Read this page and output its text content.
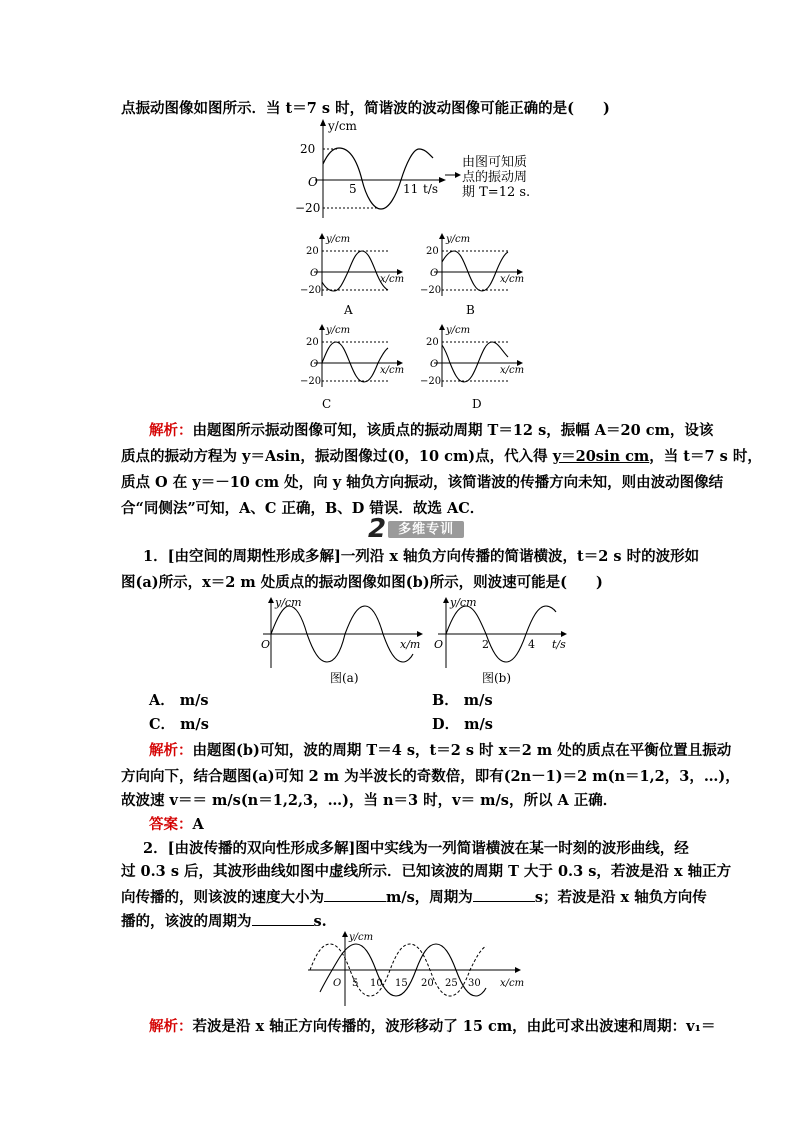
点振动图像如图所示．当 t＝7 s 时，简谐波的波动图像可能正确的是(　　)
y/cm
t/s
O
20
−20
5	11
由图可知质
点的振动周
期 T=12 s.
y/cm
x/cm
O
20
−20
A
y/cm
x/cm
O
20
−20
B
y/cm
x/cm
O
20
−20
C
y/cm
x/cm
O
20
−20
D
解析：由题图所示振动图像可知，该质点的振动周期 T＝12 s，振幅 A＝20 cm，设该
质点的振动方程为 y＝Asin，振动图像过(0，10 cm)点，代入得 y＝20sin cm，当 t＝7 s 时，
质点 O 在 y＝－10 cm 处，向 y 轴负方向振动，该简谐波的传播方向未知，则由波动图像结
合“同侧法”可知，A、C 正确，B、D 错误．故选 AC．
2 $^{多维专训}$
1．[由空间的周期性形成多解]一列沿 x 轴负方向传播的简谐横波，t＝2 s 时的波形如
图(a)所示，x＝2 m 处质点的振动图像如图(b)所示，则波速可能是(　　)
y/cm
x/m
O
图(a)
y/cm
t/s
O	2	4
图(b)
A． m/s	B． m/s
C． m/s	D． m/s
解析：由题图(b)可知，波的周期 T＝4 s，t＝2 s 时 x＝2 m 处的质点在平衡位置且振动
方向向下，结合题图(a)可知 2 m 为半波长的奇数倍，即有(2n－1)＝2 m(n＝1,2，3，…)，
故波速 v＝＝ m/s(n＝1,2,3，…)，当 n＝3 时，v＝ m/s，所以 A 正确．
答案：A
2．[由波传播的双向性形成多解]图中实线为一列简谐横波在某一时刻的波形曲线，经
过 0.3 s 后，其波形曲线如图中虚线所示．已知该波的周期 T 大于 0.3 s，若波是沿 x 轴正方
向传播的，则该波的速度大小为	m/s，周期为	s；若波是沿 x 轴负方向传
播的，该波的周期为	s.
y/cm
x/cm
O 5 10 15 20 25 30
解析：若波是沿 x 轴正方向传播的，波形移动了 15 cm，由此可求出波速和周期：v₁＝
